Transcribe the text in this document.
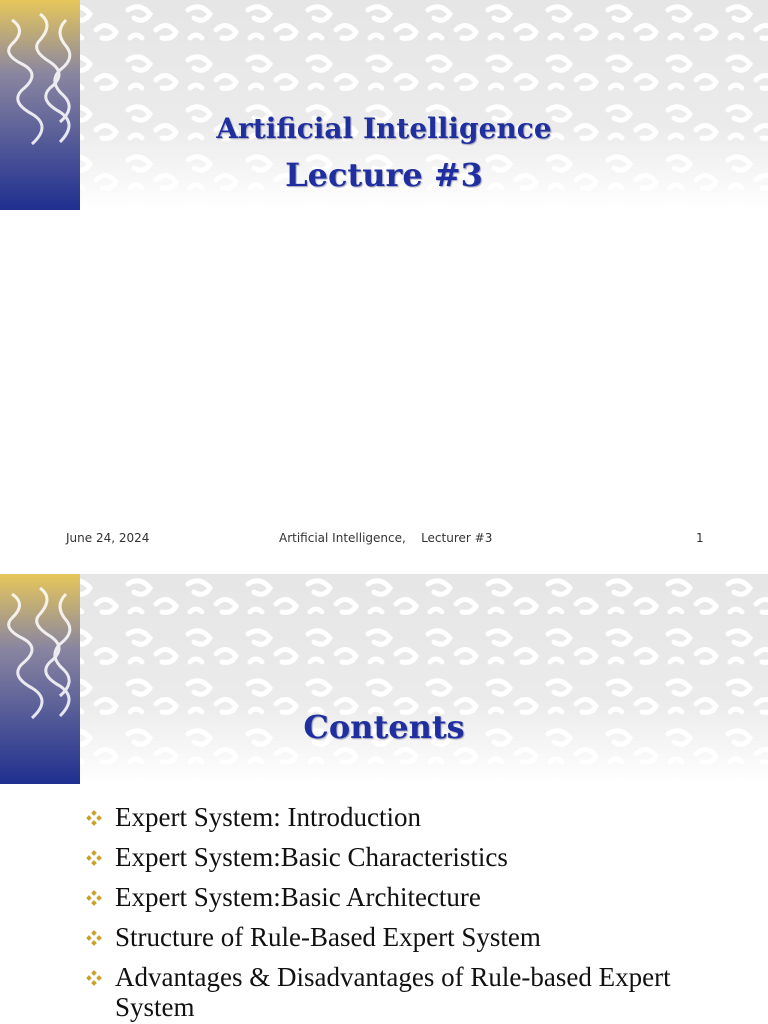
Artificial Intelligence
Lecture #3
June 24, 2024	Artificial Intelligence,    Lecturer #3	1
Contents
Expert System: Introduction
Expert System:Basic Characteristics
Expert System:Basic Architecture
Structure of Rule-Based Expert System
Advantages & Disadvantages of Rule-based Expert System
